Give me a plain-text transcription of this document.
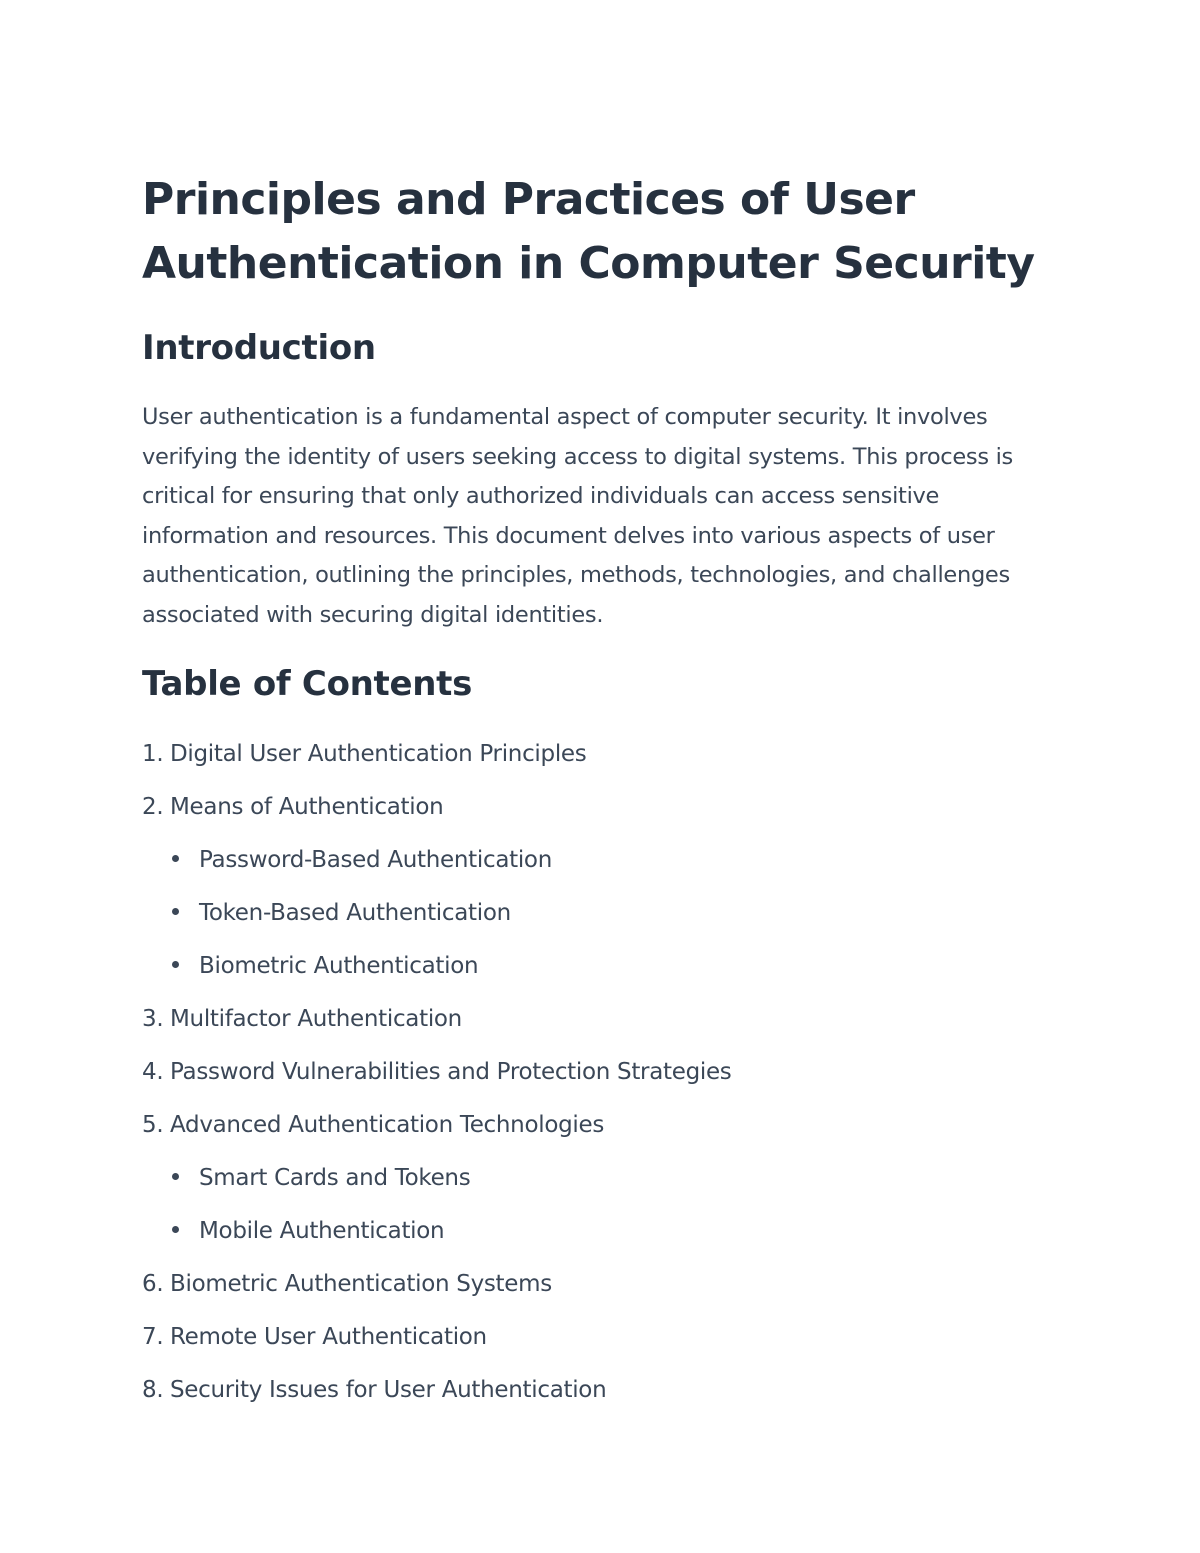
Principles and Practices of User Authentication in Computer Security
Introduction

User authentication is a fundamental aspect of computer security. It involves verifying the identity of users seeking access to digital systems. This process is critical for ensuring that only authorized individuals can access sensitive information and resources. This document delves into various aspects of user authentication, outlining the principles, methods, technologies, and challenges associated with securing digital identities.

Table of Contents
1. Digital User Authentication Principles
2. Means of Authentication
Password-Based Authentication
Token-Based Authentication
Biometric Authentication
3. Multifactor Authentication
4. Password Vulnerabilities and Protection Strategies
5. Advanced Authentication Technologies
Smart Cards and Tokens
Mobile Authentication
6. Biometric Authentication Systems
7. Remote User Authentication
8. Security Issues for User Authentication
